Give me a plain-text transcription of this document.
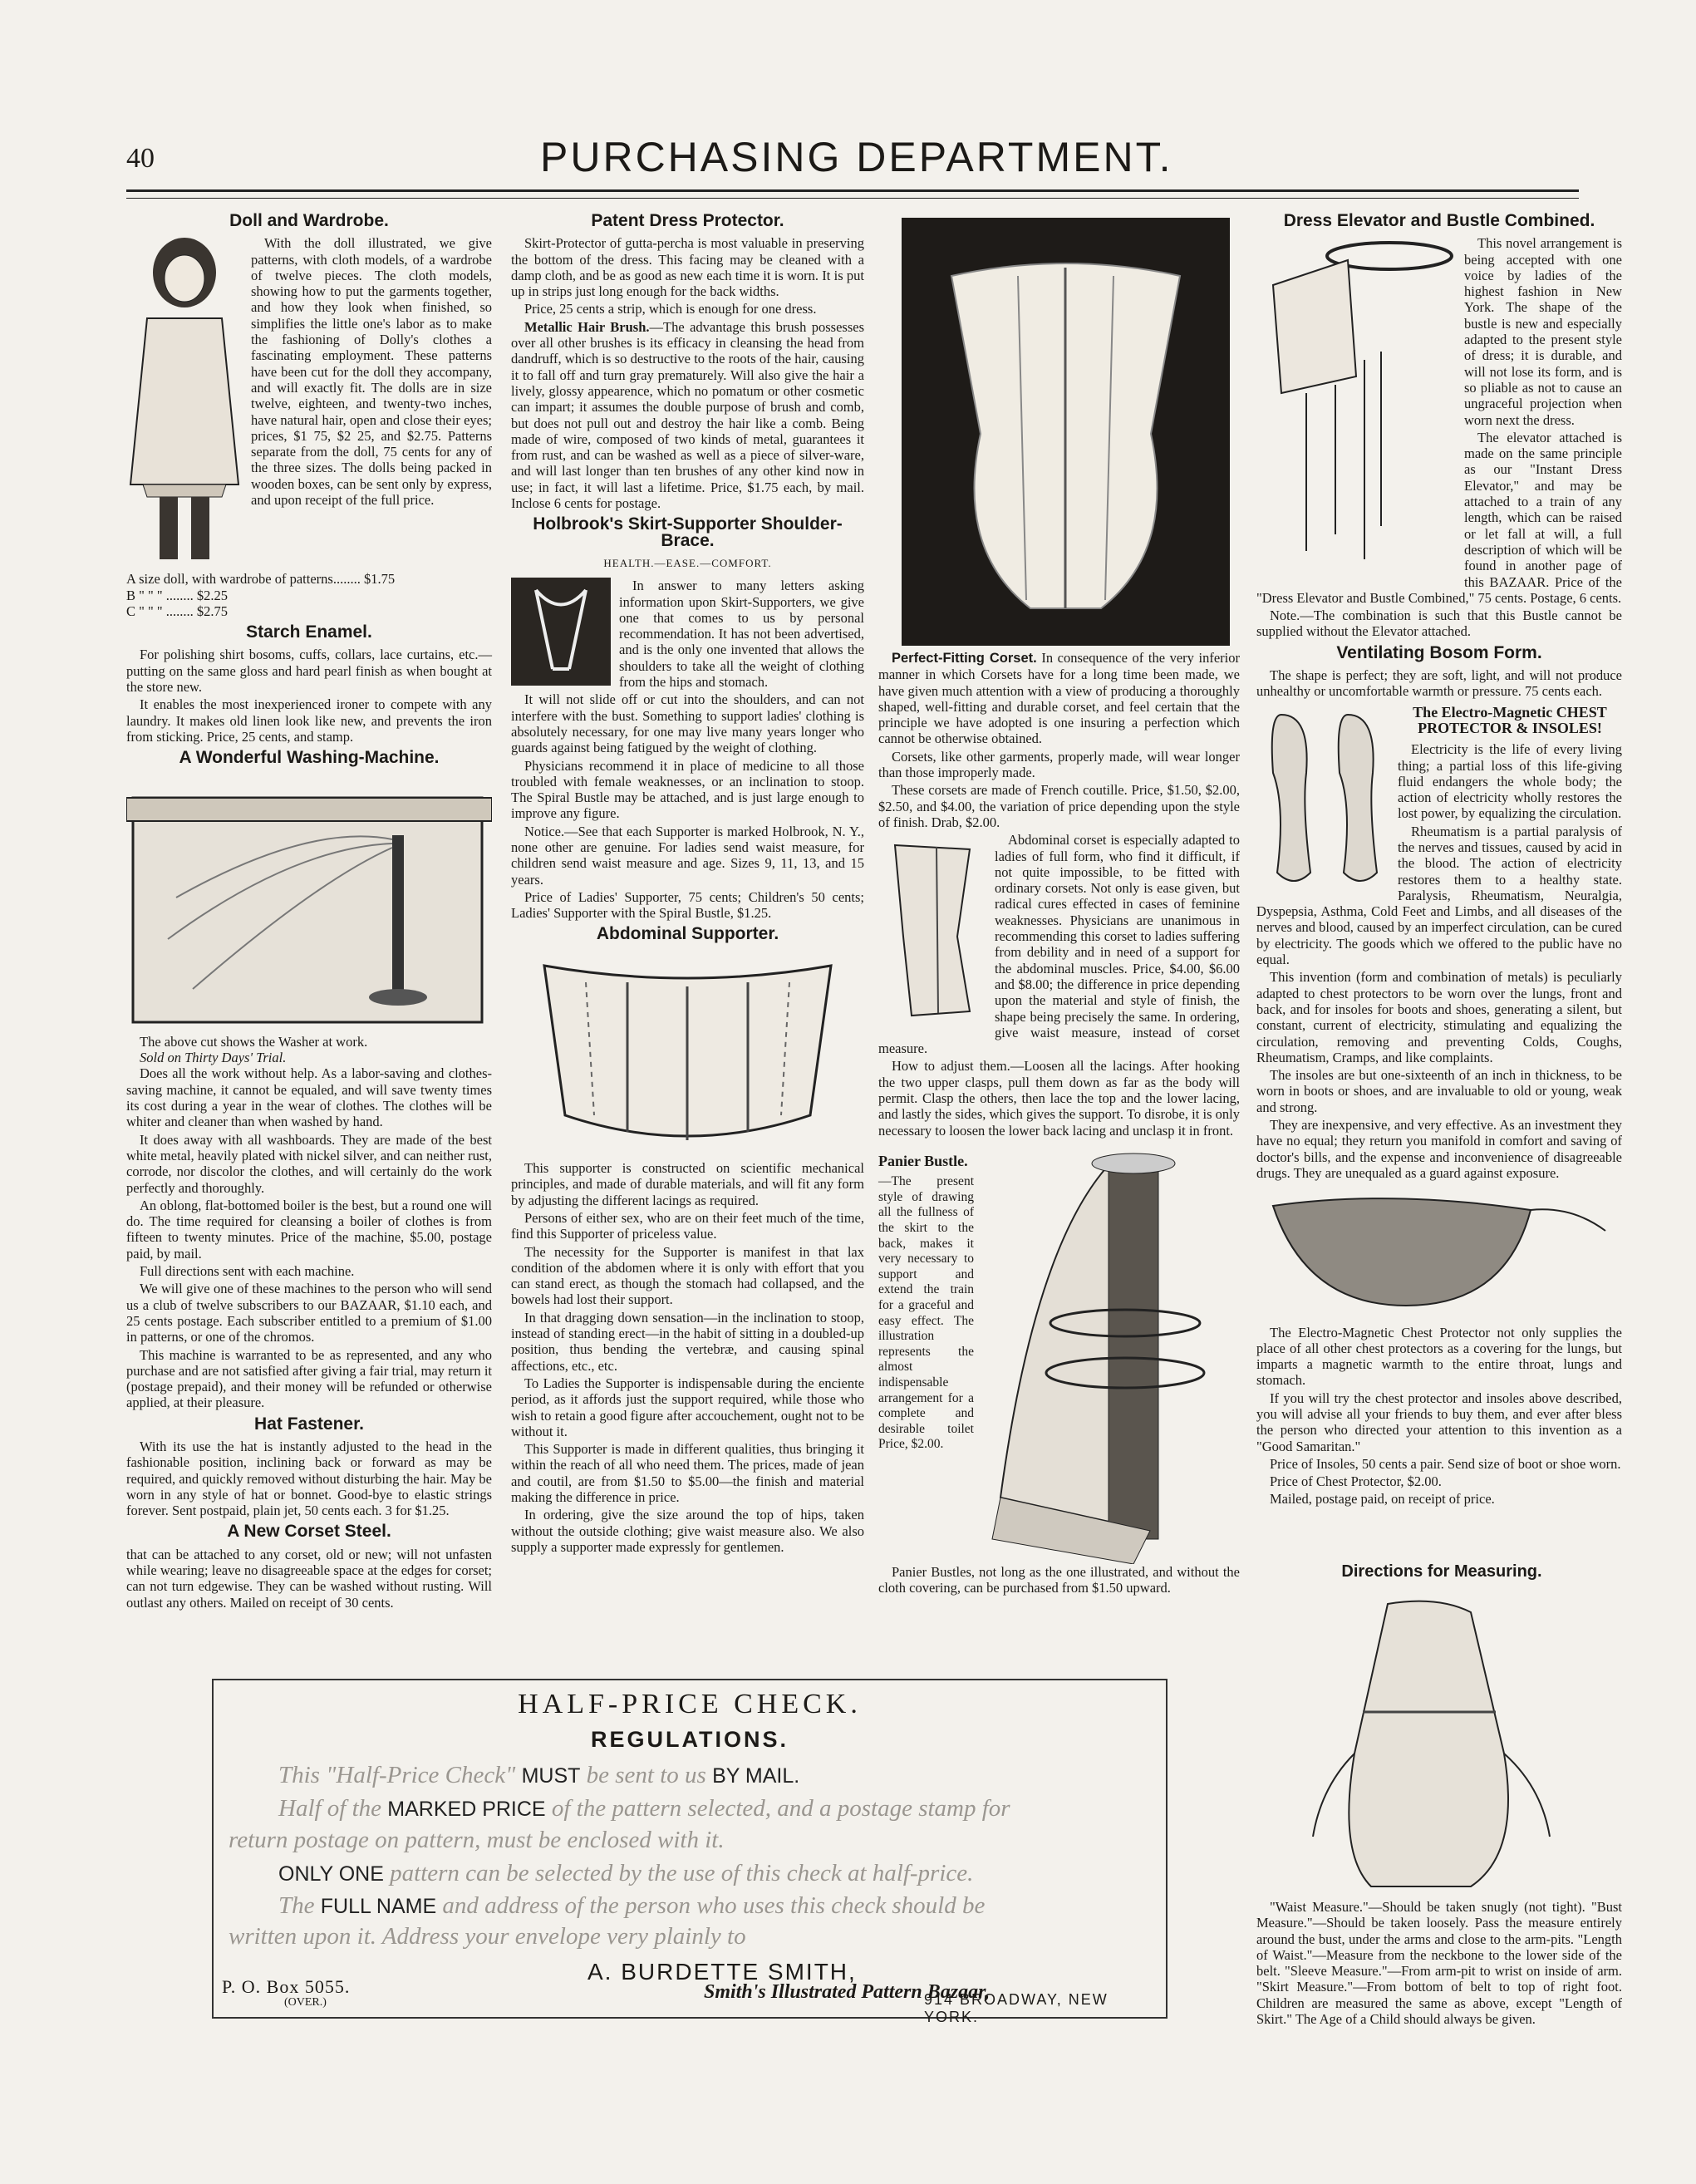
40	PURCHASING DEPARTMENT.
Doll and Wardrobe.

With the doll illustrated, we give patterns, with cloth models, of a wardrobe of twelve pieces. The cloth models, showing how to put the garments together, and how they look when finished, so simplifies the little one's labor as to make the fashioning of Dolly's clothes a fascinating employment. These patterns have been cut for the doll they accompany, and will exactly fit. The dolls are in size twelve, eighteen, and twenty-two inches, have natural hair, open and close their eyes; prices, $1 75, $2 25, and $2.75. Patterns separate from the doll, 75 cents for any of the three sizes. The dolls being packed in wooden boxes, can be sent only by express, and upon receipt of the full price.

A size doll, with wardrobe of patterns........ $1.75
B " " " ........ $2.25
C " " " ........ $2.75
Starch Enamel.

For polishing shirt bosoms, cuffs, collars, lace curtains, etc.—putting on the same gloss and hard pearl finish as when bought at the store new.

It enables the most inexperienced ironer to compete with any laundry. It makes old linen look like new, and prevents the iron from sticking. Price, 25 cents, and stamp.

A Wonderful Washing-Machine.
The above cut shows the Washer at work.
Sold on Thirty Days' Trial.

Does all the work without help. As a labor-saving and clothes-saving machine, it cannot be equaled, and will save twenty times its cost during a year in the wear of clothes. The clothes will be whiter and cleaner than when washed by hand.

It does away with all washboards. They are made of the best white metal, heavily plated with nickel silver, and can neither rust, corrode, nor discolor the clothes, and will certainly do the work perfectly and thoroughly.

An oblong, flat-bottomed boiler is the best, but a round one will do. The time required for cleansing a boiler of clothes is from fifteen to twenty minutes. Price of the machine, $5.00, postage paid, by mail.

Full directions sent with each machine.

We will give one of these machines to the person who will send us a club of twelve subscribers to our BAZAAR, $1.10 each, and 25 cents postage. Each subscriber entitled to a premium of $1.00 in patterns, or one of the chromos.

This machine is warranted to be as represented, and any who purchase and are not satisfied after giving a fair trial, may return it (postage prepaid), and their money will be refunded or otherwise applied, at their pleasure.

Hat Fastener.

With its use the hat is instantly adjusted to the head in the fashionable position, inclining back or forward as may be required, and quickly removed without disturbing the hair. May be worn in any style of hat or bonnet. Good-bye to elastic strings forever. Sent postpaid, plain jet, 50 cents each. 3 for $1.25.

A New Corset Steel.

that can be attached to any corset, old or new; will not unfasten while wearing; leave no disagreeable space at the edges for corset; can not turn edgewise. They can be washed without rusting. Will outlast any others. Mailed on receipt of 30 cents.

Patent Dress Protector.

Skirt-Protector of gutta-percha is most valuable in preserving the bottom of the dress. This facing may be cleaned with a damp cloth, and be as good as new each time it is worn. It is put up in strips just long enough for the back widths.

Price, 25 cents a strip, which is enough for one dress.

Metallic Hair Brush.—The advantage this brush possesses over all other brushes is its efficacy in cleansing the head from dandruff, which is so destructive to the roots of the hair, causing it to fall off and turn gray prematurely. Will also give the hair a lively, glossy appearence, which no pomatum or other cosmetic can impart; it assumes the double purpose of brush and comb, but does not pull out and destroy the hair like a comb. Being made of wire, composed of two kinds of metal, guarantees it from rust, and can be washed as well as a piece of silver-ware, and will last longer than ten brushes of any other kind now in use; in fact, it will last a lifetime. Price, $1.75 each, by mail. Inclose 6 cents for postage.

Holbrook's Skirt-Supporter Shoulder-Brace.
HEALTH.—EASE.—COMFORT.

In answer to many letters asking information upon Skirt-Supporters, we give one that comes to us by personal recommendation. It has not been advertised, and is the only one invented that allows the shoulders to take all the weight of clothing from the hips and stomach.

It will not slide off or cut into the shoulders, and can not interfere with the bust. Something to support ladies' clothing is absolutely necessary, for one may live many years longer who guards against being fatigued by the weight of clothing.

Physicians recommend it in place of medicine to all those troubled with female weaknesses, or an inclination to stoop. The Spiral Bustle may be attached, and is just large enough to improve any figure.

Notice.—See that each Supporter is marked Holbrook, N. Y., none other are genuine. For ladies send waist measure, for children send waist measure and age. Sizes 9, 11, 13, and 15 years.

Price of Ladies' Supporter, 75 cents; Children's 50 cents; Ladies' Supporter with the Spiral Bustle, $1.25.

Abdominal Supporter.

This supporter is constructed on scientific mechanical principles, and made of durable materials, and will fit any form by adjusting the different lacings as required.

Persons of either sex, who are on their feet much of the time, find this Supporter of priceless value.

The necessity for the Supporter is manifest in that lax condition of the abdomen where it is only with effort that you can stand erect, as though the stomach had collapsed, and the bowels had lost their support.

In that dragging down sensation—in the inclination to stoop, instead of standing erect—in the habit of sitting in a doubled-up position, thus bending the vertebræ, and causing spinal affections, etc., etc.

To Ladies the Supporter is indispensable during the enciente period, as it affords just the support required, while those who wish to retain a good figure after accouchement, ought not to be without it.

This Supporter is made in different qualities, thus bringing it within the reach of all who need them. The prices, made of jean and coutil, are from $1.50 to $5.00—the finish and material making the difference in price.

In ordering, give the size around the top of hips, taken without the outside clothing; give waist measure also. We also supply a supporter made expressly for gentlemen.

Perfect-Fitting Corset. In consequence of the very inferior manner in which Corsets have for a long time been made, we have given much attention with a view of producing a thoroughly shaped, well-fitting and durable corset, and feel certain that the principle we have adopted is one insuring a perfection which cannot be otherwise obtained.

Corsets, like other garments, properly made, will wear longer than those improperly made.

These corsets are made of French coutille. Price, $1.50, $2.00, $2.50, and $4.00, the variation of price depending upon the style of finish. Drab, $2.00.

Abdominal corset is especially adapted to ladies of full form, who find it difficult, if not quite impossible, to be fitted with ordinary corsets. Not only is ease given, but radical cures effected in cases of feminine weaknesses. Physicians are unanimous in recommending this corset to ladies suffering from debility and in need of a support for the abdominal muscles. Price, $4.00, $6.00 and $8.00; the difference in price depending upon the material and style of finish, the shape being precisely the same. In ordering, give waist measure, instead of corset measure.

How to adjust them.—Loosen all the lacings. After hooking the two upper clasps, pull them down as far as the body will permit. Clasp the others, then lace the top and the lower lacing, and lastly the sides, which gives the support. To disrobe, it is only necessary to loosen the lower back lacing and unclasp it in front.

Panier Bustle.
—The present style of drawing all the fullness of the skirt to the back, makes it very necessary to support and extend the train for a graceful and easy effect. The illustration represents the almost indispensable arrangement for a complete and desirable toilet Price, $2.00.

Panier Bustles, not long as the one illustrated, and without the cloth covering, can be purchased from $1.50 upward.

Dress Elevator and Bustle Combined.

This novel arrangement is being accepted with one voice by ladies of the highest fashion in New York. The shape of the bustle is new and especially adapted to the present style of dress; it is durable, and will not lose its form, and is so pliable as not to cause an ungraceful projection when worn next the dress.

The elevator attached is made on the same principle as our "Instant Dress Elevator," and may be attached to a train of any length, which can be raised or let fall at will, a full description of which will be found in another page of this BAZAAR. Price of the "Dress Elevator and Bustle Combined," 75 cents. Postage, 6 cents.

Note.—The combination is such that this Bustle cannot be supplied without the Elevator attached.

Ventilating Bosom Form.

The shape is perfect; they are soft, light, and will not produce unhealthy or uncomfortable warmth or pressure. 75 cents each.

The Electro-Magnetic CHEST PROTECTOR & INSOLES!

Electricity is the life of every living thing; a partial loss of this life-giving fluid endangers the whole body; the action of electricity wholly restores the lost power, by equalizing the circulation.

Rheumatism is a partial paralysis of the nerves and tissues, caused by acid in the blood. The action of electricity restores them to a healthy state. Paralysis, Rheumatism, Neuralgia, Dyspepsia, Asthma, Cold Feet and Limbs, and all diseases of the nerves and blood, caused by an imperfect circulation, can be cured by electricity. The goods which we offered to the public have no equal.

This invention (form and combination of metals) is peculiarly adapted to chest protectors to be worn over the lungs, front and back, and for insoles for boots and shoes, generating a silent, but constant, current of electricity, stimulating and equalizing the circulation, removing and preventing Colds, Coughs, Rheumatism, Cramps, and like complaints.

The insoles are but one-sixteenth of an inch in thickness, to be worn in boots or shoes, and are invaluable to old or young, weak and strong.

They are inexpensive, and very effective. As an investment they have no equal; they return you manifold in comfort and saving of doctor's bills, and the expense and inconvenience of disagreeable drugs. They are unequaled as a guard against exposure.

The Electro-Magnetic Chest Protector not only supplies the place of all other chest protectors as a covering for the lungs, but imparts a magnetic warmth to the entire throat, lungs and stomach.

If you will try the chest protector and insoles above described, you will advise all your friends to buy them, and ever after bless the person who directed your attention to this invention as a "Good Samaritan."

Price of Insoles, 50 cents a pair. Send size of boot or shoe worn.

Price of Chest Protector, $2.00.

Mailed, postage paid, on receipt of price.

Directions for Measuring.

"Waist Measure."—Should be taken snugly (not tight). "Bust Measure."—Should be taken loosely. Pass the measure entirely around the bust, under the arms and close to the arm-pits. "Length of Waist."—Measure from the neckbone to the lower side of the belt. "Sleeve Measure."—From arm-pit to wrist on inside of arm. "Skirt Measure."—From bottom of belt to top of right foot. Children are measured the same as above, except "Length of Skirt." The Age of a Child should always be given.

HALF-PRICE CHECK.
REGULATIONS.
This "Half-Price Check" MUST be sent to us BY MAIL.
Half of the MARKED PRICE of the pattern selected, and a postage stamp for
return postage on pattern, must be enclosed with it.
ONLY ONE pattern can be selected by the use of this check at half-price.
The FULL NAME and address of the person who uses this check should be
written upon it. Address your envelope very plainly to
A. BURDETTE SMITH,
P. O. Box 5055.	Smith's Illustrated Pattern Bazaar,
914 BROADWAY, NEW YORK.
(OVER.)
